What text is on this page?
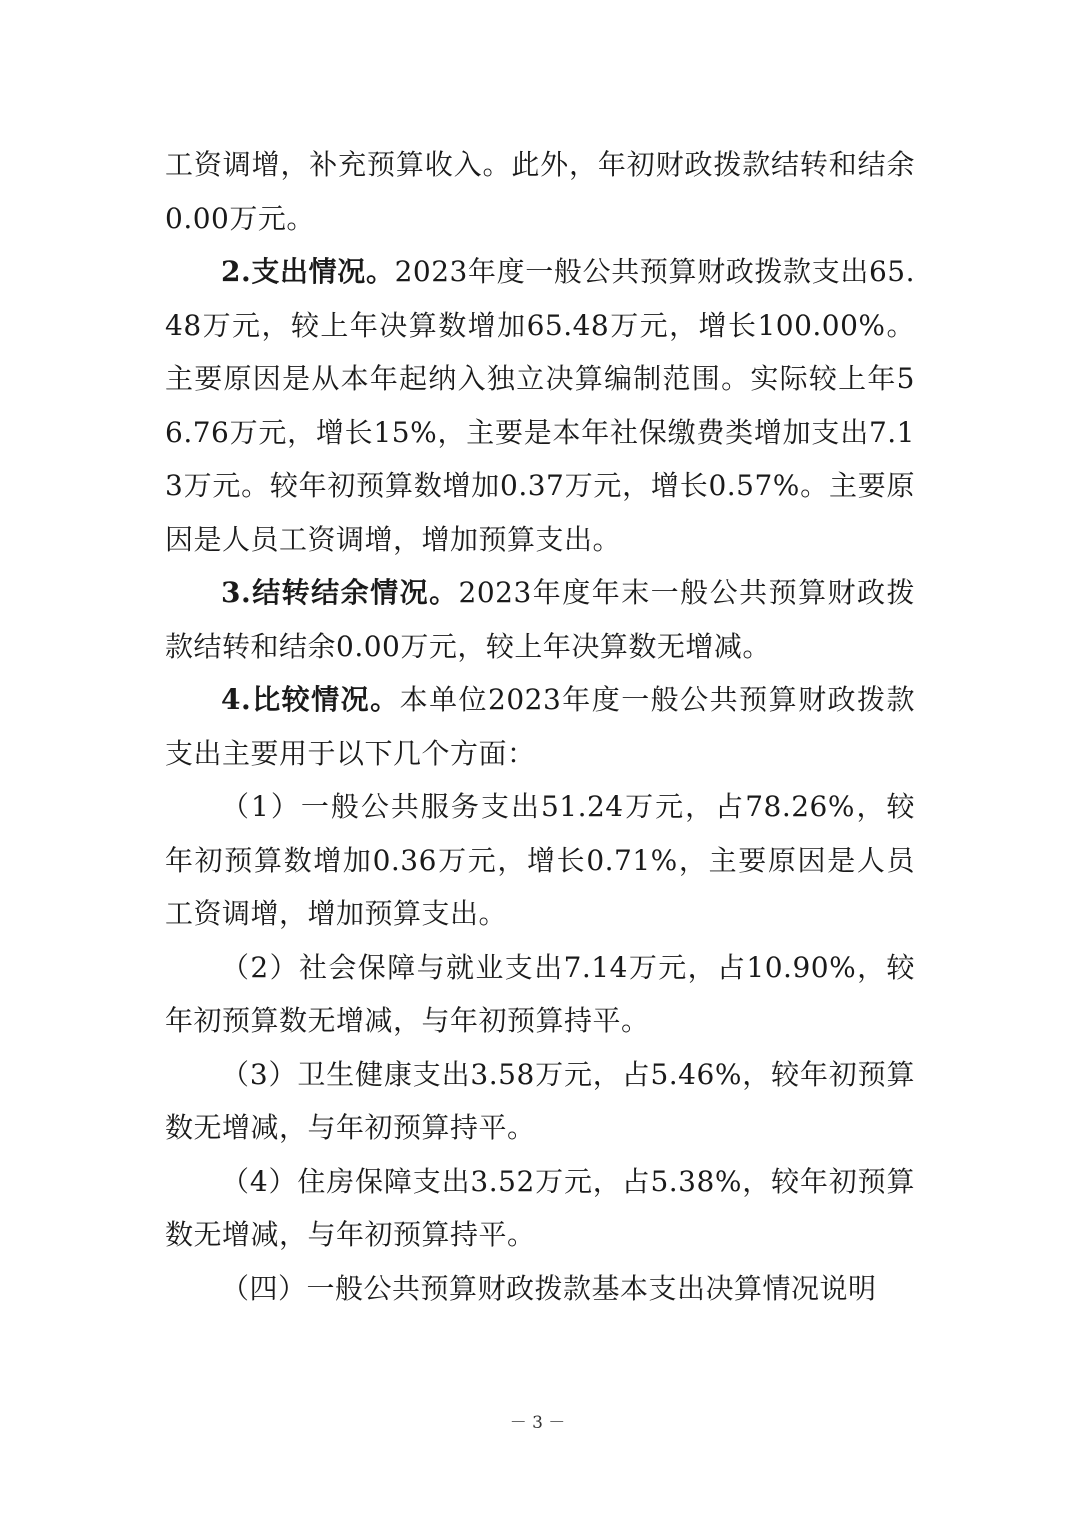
工资调增，补充预算收入。此外，年初财政拨款结转和结余0.00万元。

2.支出情况。2023年度一般公共预算财政拨款支出65.48万元，较上年决算数增加65.48万元，增长100.00%。主要原因是从本年起纳入独立决算编制范围。实际较上年56.76万元，增长15%，主要是本年社保缴费类增加支出7.13万元。较年初预算数增加0.37万元，增长0.57%。主要原因是人员工资调增，增加预算支出。

3.结转结余情况。2023年度年末一般公共预算财政拨款结转和结余0.00万元，较上年决算数无增减。

4.比较情况。本单位2023年度一般公共预算财政拨款支出主要用于以下几个方面：

（1）一般公共服务支出51.24万元，占78.26%，较年初预算数增加0.36万元，增长0.71%，主要原因是人员工资调增，增加预算支出。

（2）社会保障与就业支出7.14万元，占10.90%，较年初预算数无增减，与年初预算持平。

（3）卫生健康支出3.58万元，占5.46%，较年初预算数无增减，与年初预算持平。

（4）住房保障支出3.52万元，占5.38%，较年初预算数无增减，与年初预算持平。

（四）一般公共预算财政拨款基本支出决算情况说明

－ 3 －
